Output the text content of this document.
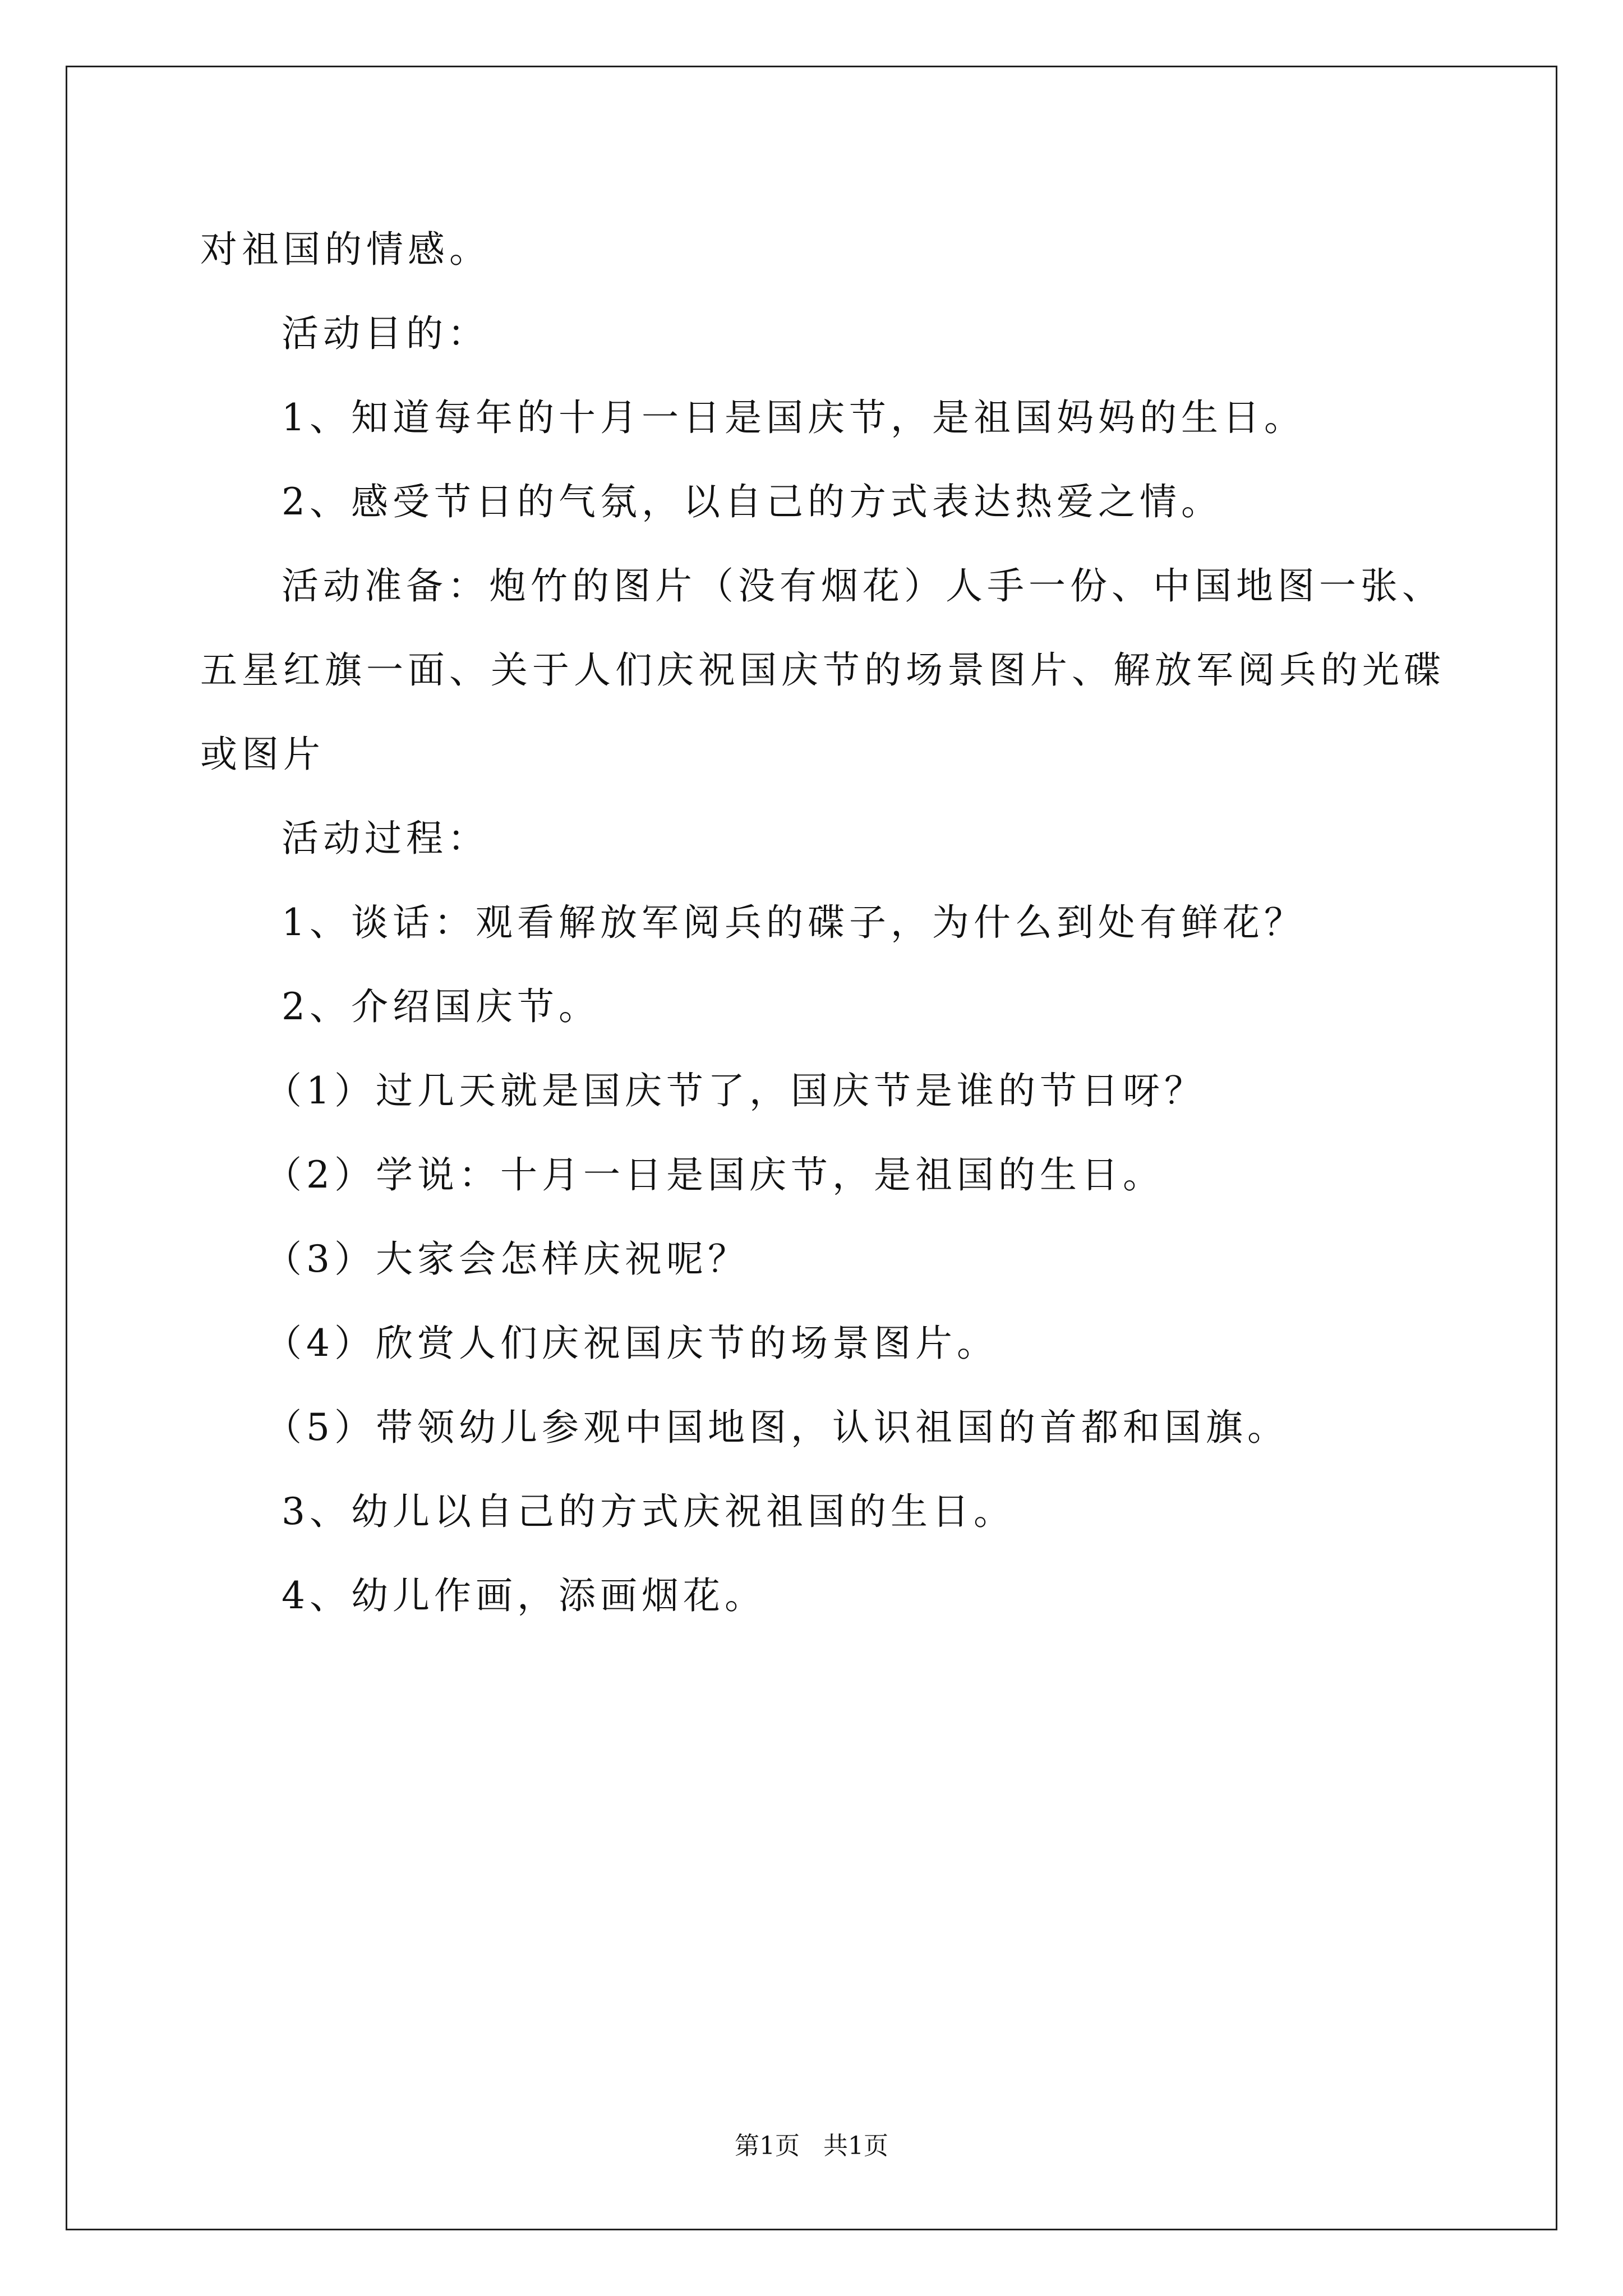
对祖国的情感。
活动目的：
1、知道每年的十月一日是国庆节，是祖国妈妈的生日。
2、感受节日的气氛，以自己的方式表达热爱之情。
活动准备：炮竹的图片（没有烟花）人手一份、中国地图一张、
五星红旗一面、关于人们庆祝国庆节的场景图片、解放军阅兵的光碟
或图片
活动过程：
1、谈话：观看解放军阅兵的碟子，为什么到处有鲜花？
2、介绍国庆节。
（1）过几天就是国庆节了，国庆节是谁的节日呀？
（2）学说：十月一日是国庆节，是祖国的生日。
（3）大家会怎样庆祝呢？
（4）欣赏人们庆祝国庆节的场景图片。
（5）带领幼儿参观中国地图，认识祖国的首都和国旗。
3、幼儿以自己的方式庆祝祖国的生日。
4、幼儿作画，添画烟花。
第1页   共1页
